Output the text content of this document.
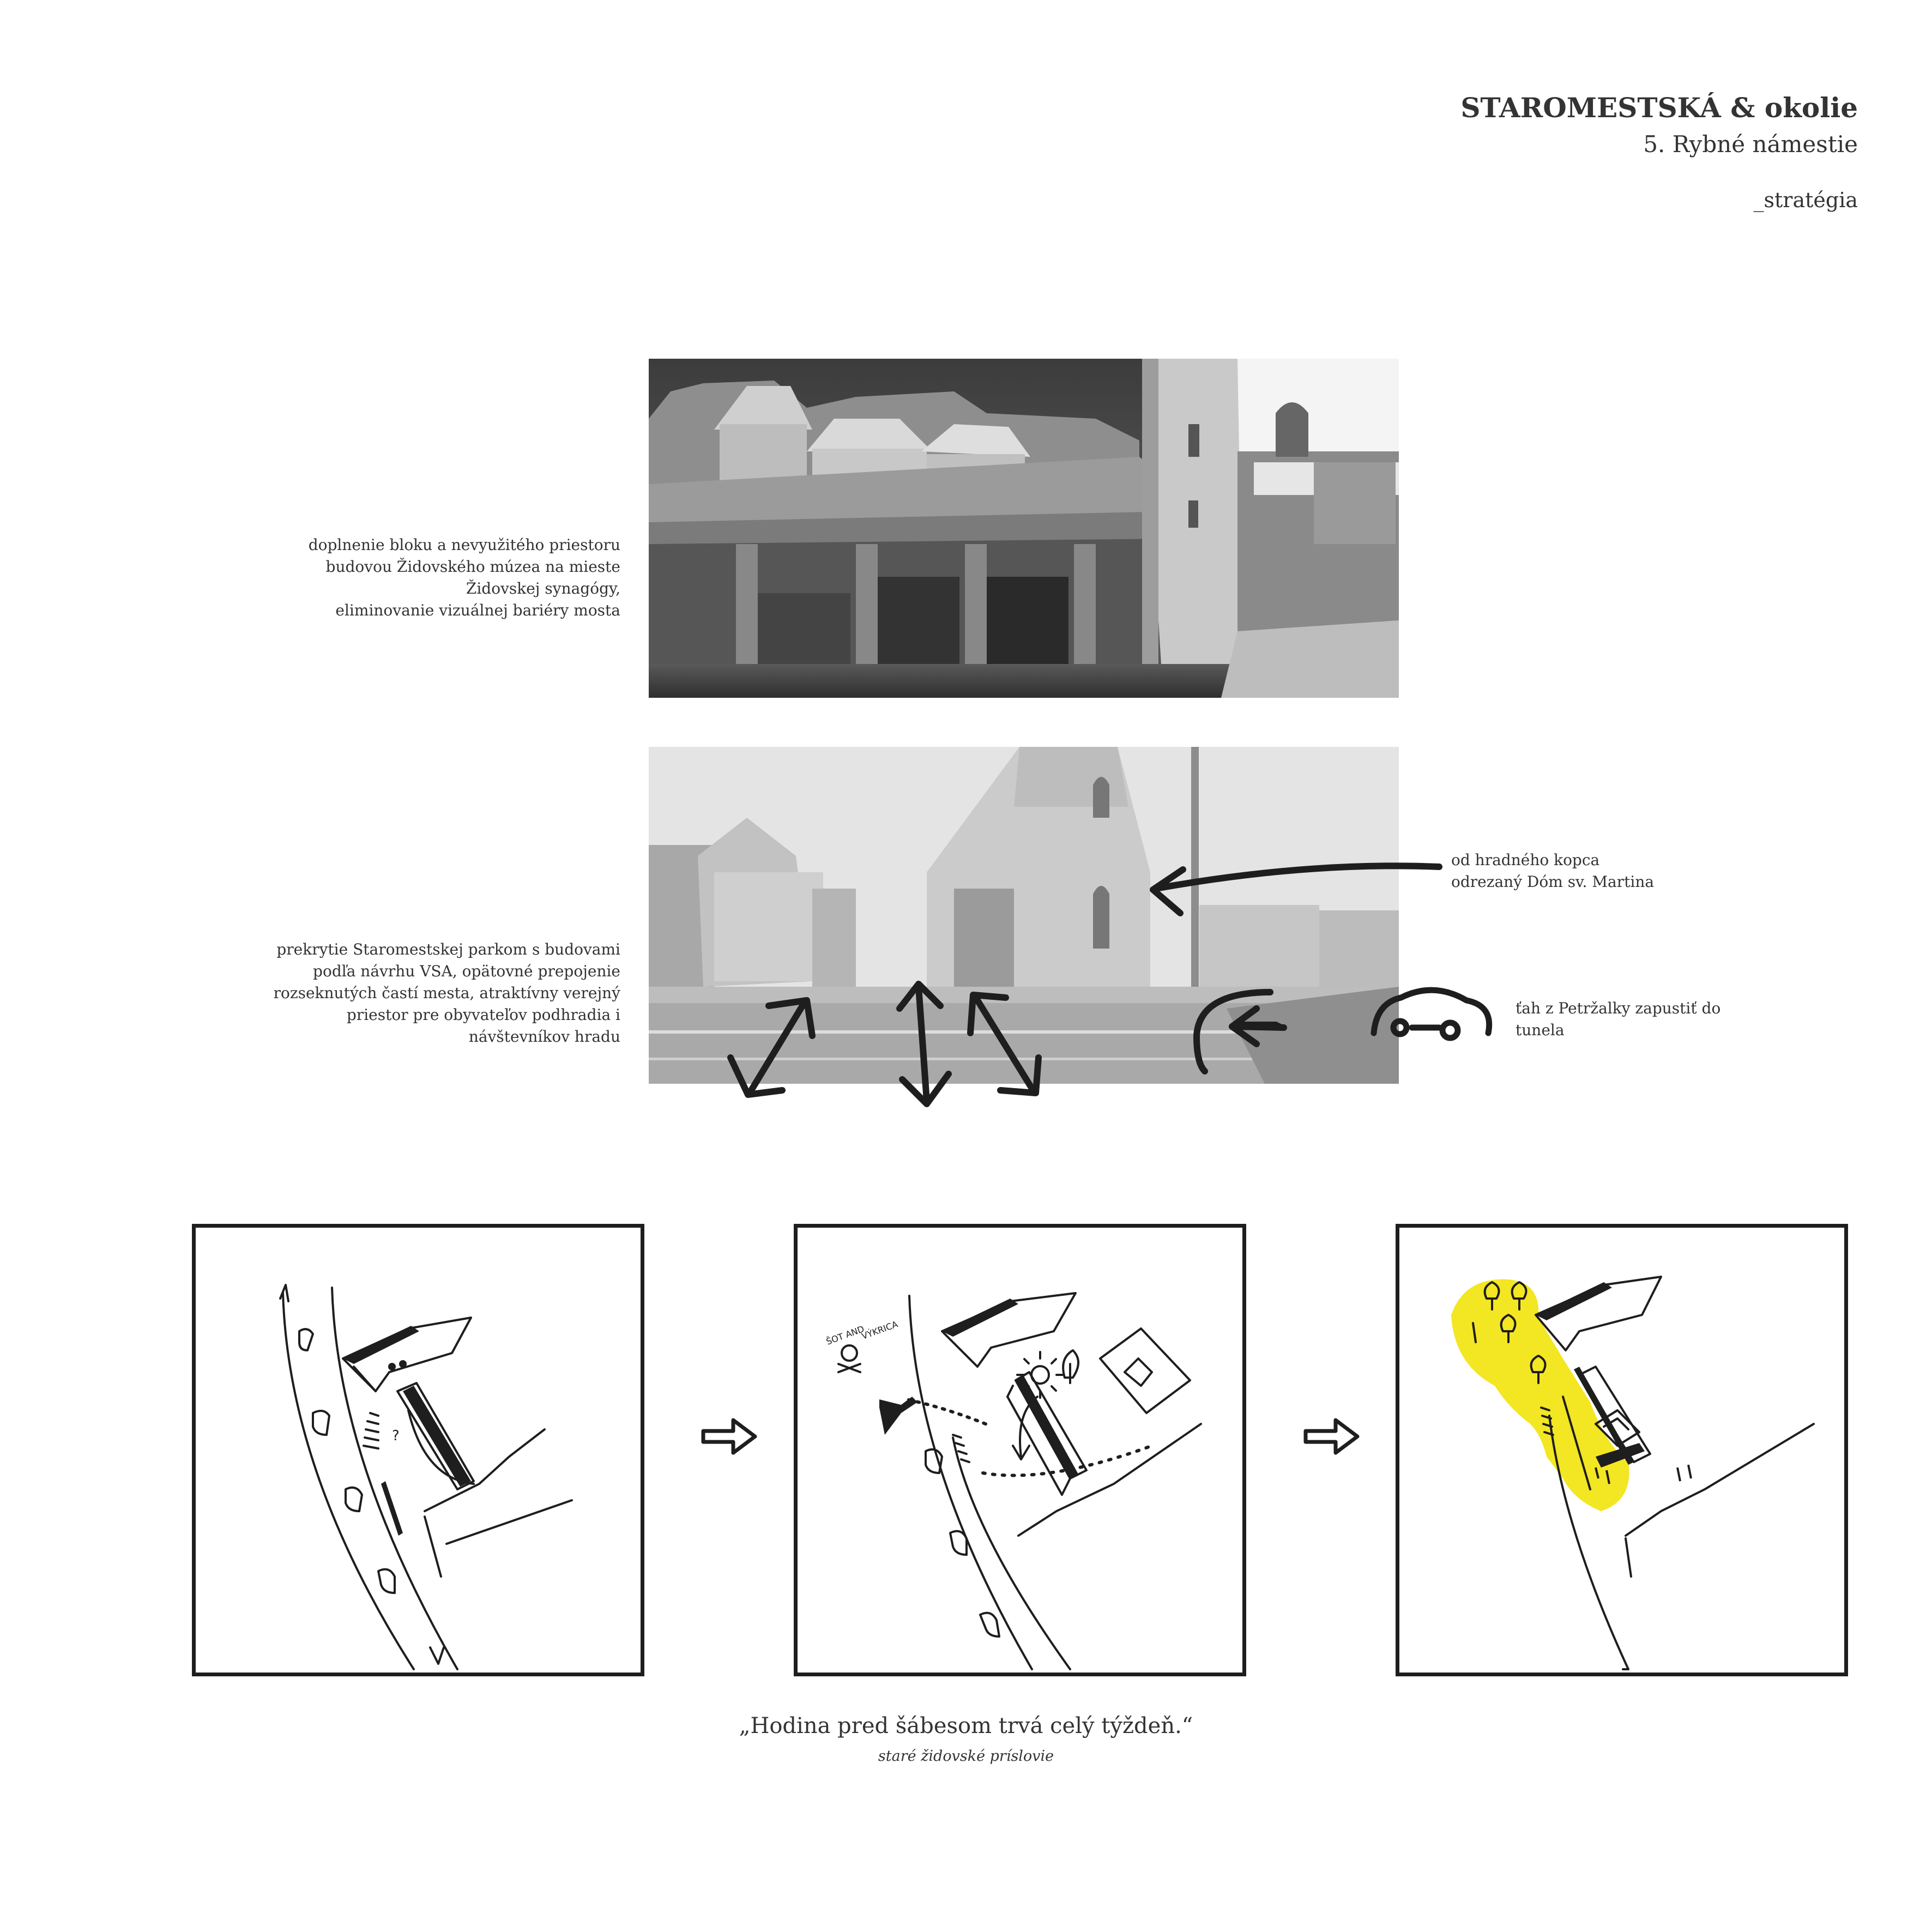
STAROMESTSKÁ & okolie
5. Rybné námestie
_stratégia
doplnenie bloku a nevyužitého priestoru
budovou Židovského múzea na mieste
Židovskej synagógy,
eliminovanie vizuálnej bariéry mosta
prekrytie Staromestskej parkom s budovami
podľa návrhu VSA, opätovné prepojenie
rozseknutých častí mesta, atraktívny verejný
priestor pre obyvateľov podhradia i
návštevníkov hradu
od hradného kopca
odrezaný Dóm sv. Martina
ťah z Petržalky zapustiť do
tunela
?
ŠOT AND
VÝKRICA
„Hodina pred šábesom trvá celý týždeň.“
staré židovské príslovie
